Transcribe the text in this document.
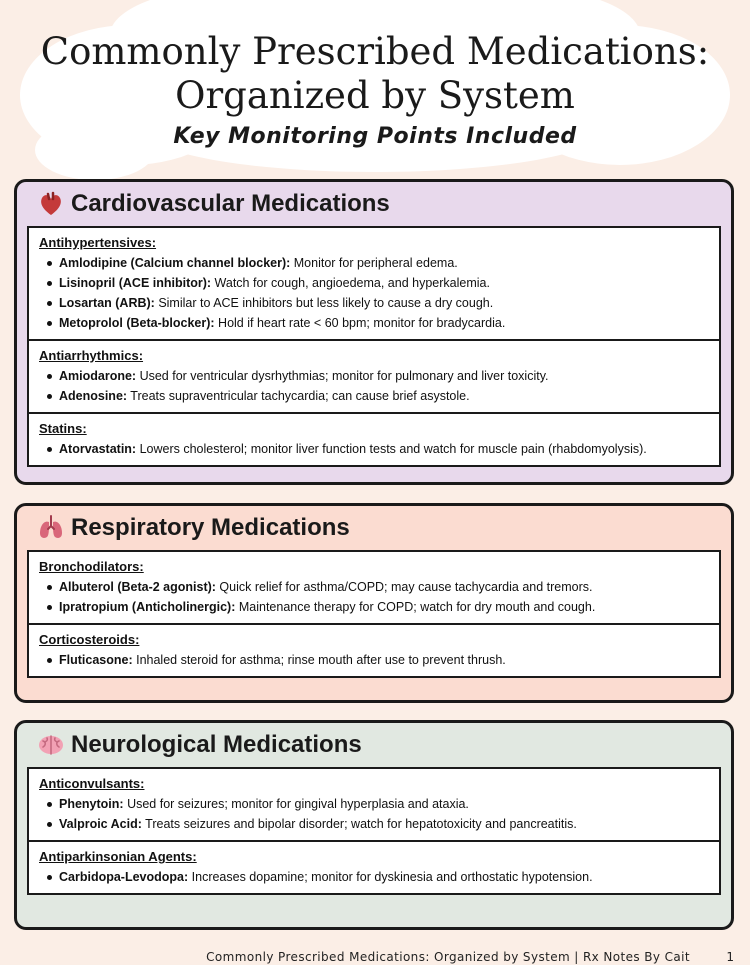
Commonly Prescribed Medications:
Organized by System
Key Monitoring Points Included
Cardiovascular Medications
Antihypertensives:
Amlodipine (Calcium channel blocker): Monitor for peripheral edema.
Lisinopril (ACE inhibitor): Watch for cough, angioedema, and hyperkalemia.
Losartan (ARB): Similar to ACE inhibitors but less likely to cause a dry cough.
Metoprolol (Beta-blocker): Hold if heart rate < 60 bpm; monitor for bradycardia.
Antiarrhythmics:
Amiodarone: Used for ventricular dysrhythmias; monitor for pulmonary and liver toxicity.
Adenosine: Treats supraventricular tachycardia; can cause brief asystole.
Statins:
Atorvastatin: Lowers cholesterol; monitor liver function tests and watch for muscle pain (rhabdomyolysis).
Respiratory Medications
Bronchodilators:
Albuterol (Beta-2 agonist): Quick relief for asthma/COPD; may cause tachycardia and tremors.
Ipratropium (Anticholinergic): Maintenance therapy for COPD; watch for dry mouth and cough.
Corticosteroids:
Fluticasone: Inhaled steroid for asthma; rinse mouth after use to prevent thrush.
Neurological Medications
Anticonvulsants:
Phenytoin: Used for seizures; monitor for gingival hyperplasia and ataxia.
Valproic Acid: Treats seizures and bipolar disorder; watch for hepatotoxicity and pancreatitis.
Antiparkinsonian Agents:
Carbidopa-Levodopa: Increases dopamine; monitor for dyskinesia and orthostatic hypotension.
Commonly Prescribed Medications: Organized by System | Rx Notes By Cait	1
